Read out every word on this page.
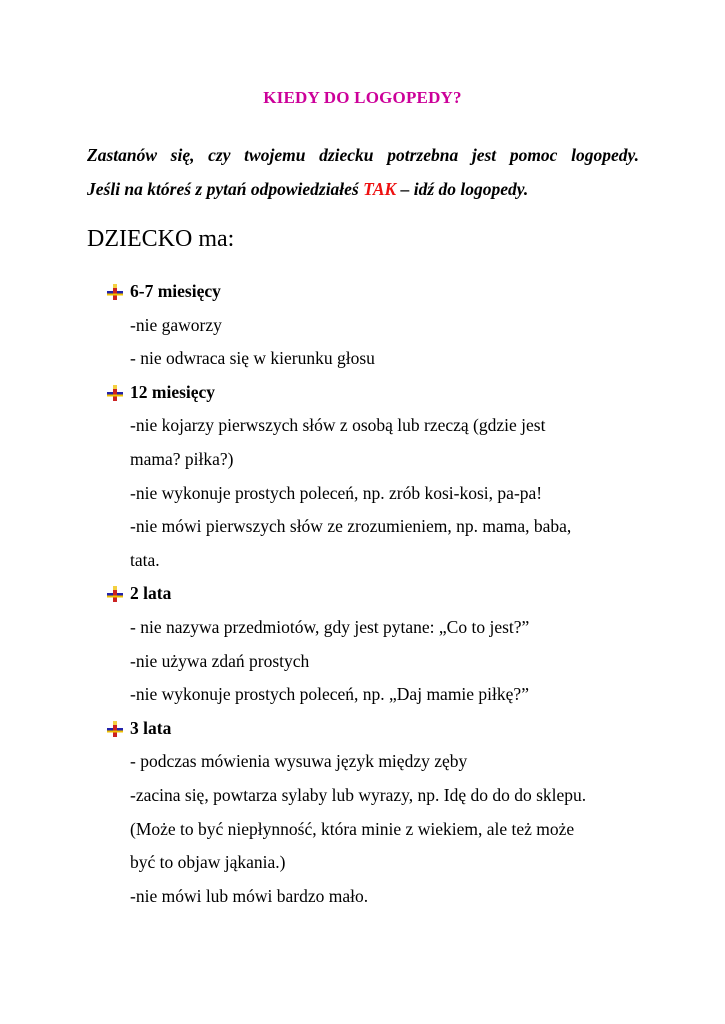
KIEDY DO LOGOPEDY?
Zastanów się, czy twojemu dziecku potrzebna jest pomoc logopedy.
Jeśli na któreś z pytań odpowiedziałeś TAK – idź do logopedy.
DZIECKO ma:
6-7 miesięcy
-nie gaworzy
- nie odwraca się w kierunku głosu
12 miesięcy
-nie kojarzy pierwszych słów z osobą lub rzeczą (gdzie jest
mama? piłka?)
-nie wykonuje prostych poleceń, np. zrób kosi-kosi, pa-pa!
-nie mówi pierwszych słów ze zrozumieniem, np. mama, baba,
tata.
2 lata
- nie nazywa przedmiotów, gdy jest pytane: „Co to jest?”
-nie używa zdań prostych
-nie wykonuje prostych poleceń, np. „Daj mamie piłkę?”
3 lata
- podczas mówienia wysuwa język między zęby
-zacina się, powtarza sylaby lub wyrazy, np. Idę do do do sklepu.
(Może to być niepłynność, która minie z wiekiem, ale też może
być to objaw jąkania.)
-nie mówi lub mówi bardzo mało.
